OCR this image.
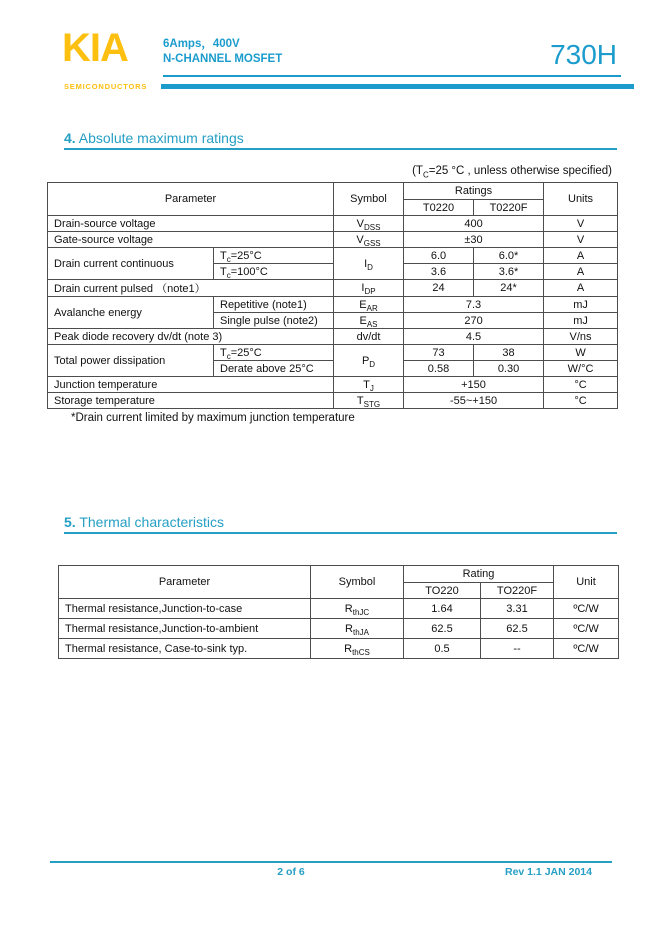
KIA
SEMICONDUCTORS
6Amps，400V
N-CHANNEL MOSFET	730H
4. Absolute maximum ratings
($T_C=25$ °C , unless otherwise specified)
Parameter		Symbol	Ratings		Units
			T0220	T0220F	
Drain-source voltage		$V_{DSS}$	400		V
Gate-source voltage		$V_{GSS}$	±30		V
Drain current continuous	$T_c=25^\circ C$	$I_D$	6.0	6.0*	A
	$T_c=100^\circ C$		3.6	3.6*	A
Drain current pulsed （note1）		$I_{DP}$	24	24*	A
Avalanche energy	Repetitive (note1)	$E_{AR}$	7.3		mJ
	Single pulse (note2)	$E_{AS}$	270		mJ
Peak diode recovery dv/dt (note 3)		dv/dt	4.5		V/ns
Total power dissipation	$T_c=25^\circ C$	$P_D$	73	38	W
	Derate above 25°C		0.58	0.30	W/°C
Junction temperature		$T_J$	+150		°C
Storage temperature		$T_{STG}$	-55~+150		°C
*Drain current limited by maximum junction temperature
5. Thermal characteristics
Parameter	Symbol	Rating		Unit
		TO220	TO220F	
Thermal resistance,Junction-to-case	$R_{thJC}$	1.64	3.31	ºC/W
Thermal resistance,Junction-to-ambient	$R_{thJA}$	62.5	62.5	ºC/W
Thermal resistance, Case-to-sink typ.	$R_{thCS}$	0.5	--	ºC/W
2 of 6	Rev 1.1 JAN 2014
